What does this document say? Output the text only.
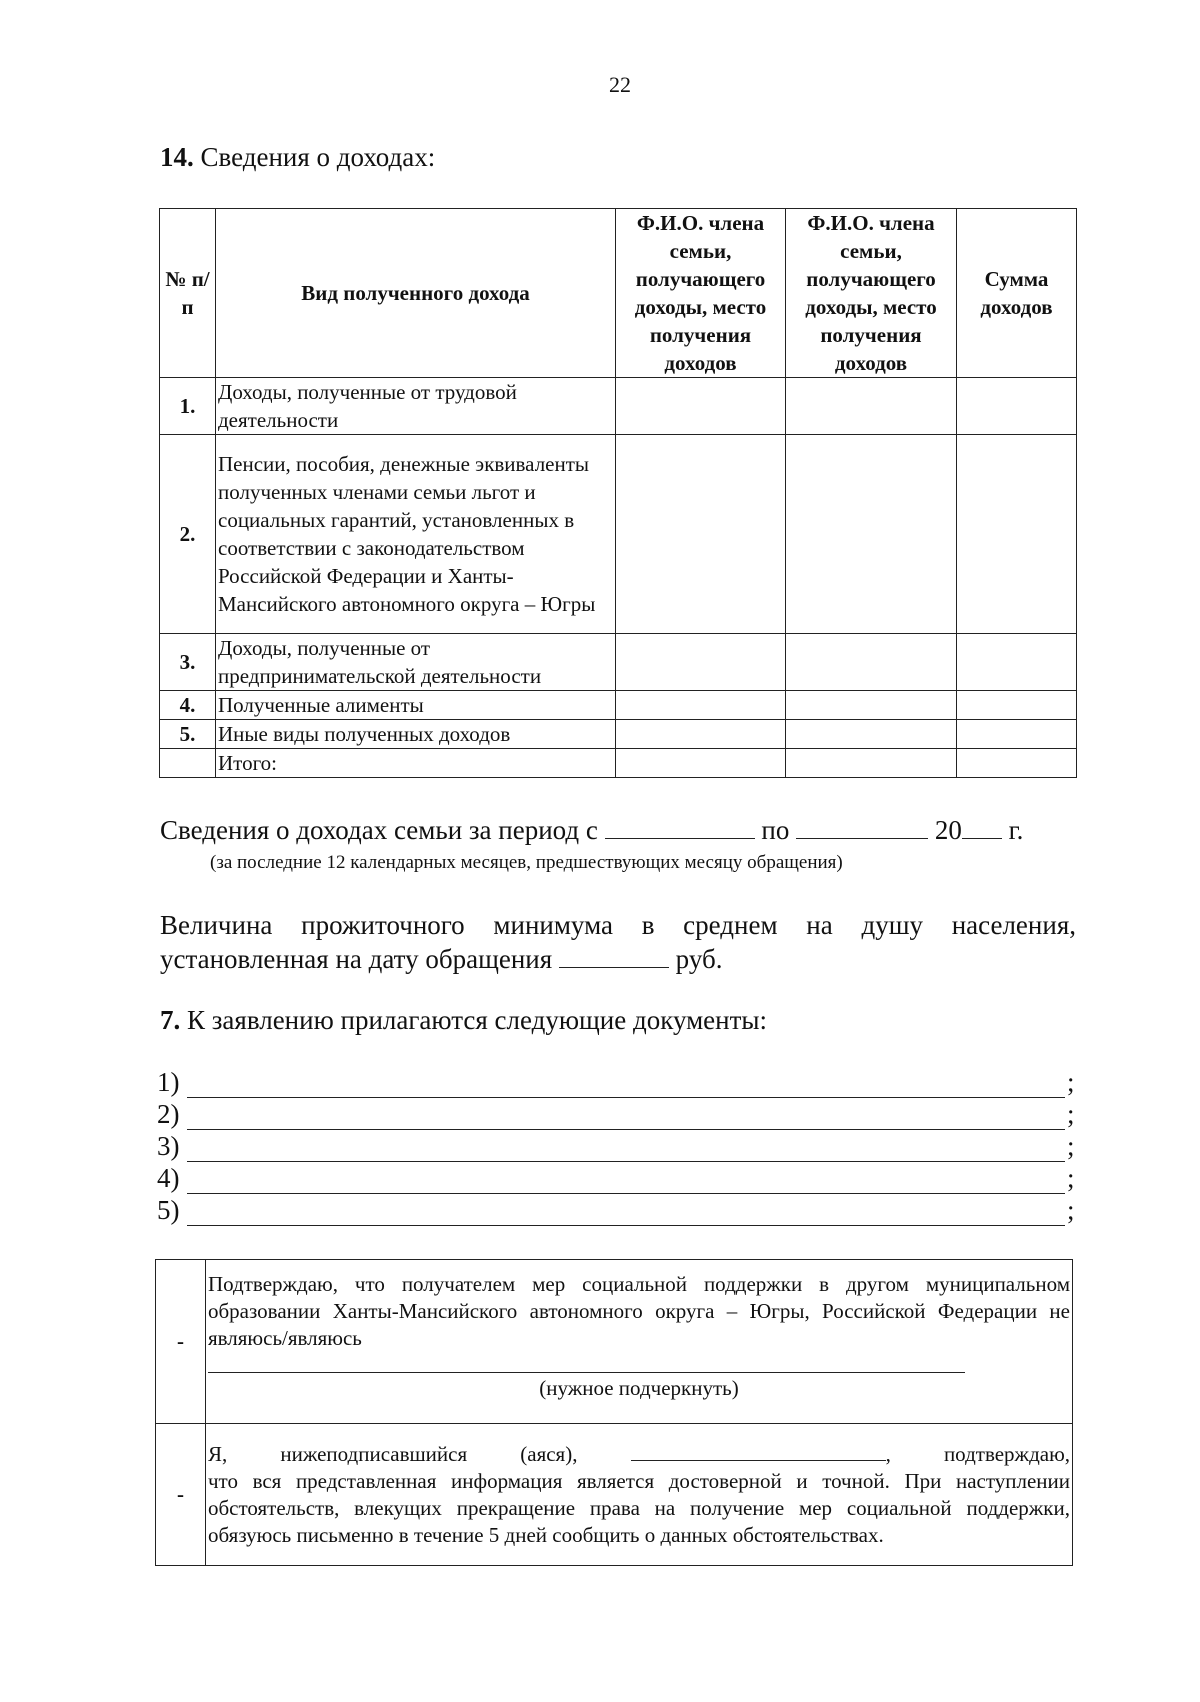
22
14. Сведения о доходах:
№ п/п	Вид полученного дохода	Ф.И.О. члена семьи, получающего доходы, место получения доходов	Ф.И.О. члена семьи, получающего доходы, место получения доходов	Сумма доходов
1.	Доходы, полученные от трудовой деятельности			
2.	Пенсии, пособия, денежные эквиваленты полученных членами семьи льгот и социальных гарантий, установленных в соответствии с законодательством Российской Федерации и Ханты-Мансийского автономного округа – Югры			
3.	Доходы, полученные от предпринимательской деятельности			
4.	Полученные алименты			
5.	Иные виды полученных доходов			
	Итого:			
Сведения о доходах семьи за период с	по	20 г.
(за последние 12 календарных месяцев, предшествующих месяцу обращения)
Величина прожиточного минимума в среднем на душу населения,
установленная на дату обращения	руб.
7. К заявлению прилагаются следующие документы:
1)	;
2)	;
3)	;
4)	;
5)	;
-	Подтверждаю, что получателем мер социальной поддержки в другом муниципальном образовании Ханты-Мансийского автономного округа – Югры, Российской Федерации не являюсь/являюсь
(нужное подчеркнуть)

-	Я, нижеподписавшийся (аяся), , подтверждаю,
что вся представленная информация является достоверной и точной. При наступлении обстоятельств, влекущих прекращение права на получение мер социальной поддержки, обязуюсь письменно в течение 5 дней сообщить о данных обстоятельствах.
